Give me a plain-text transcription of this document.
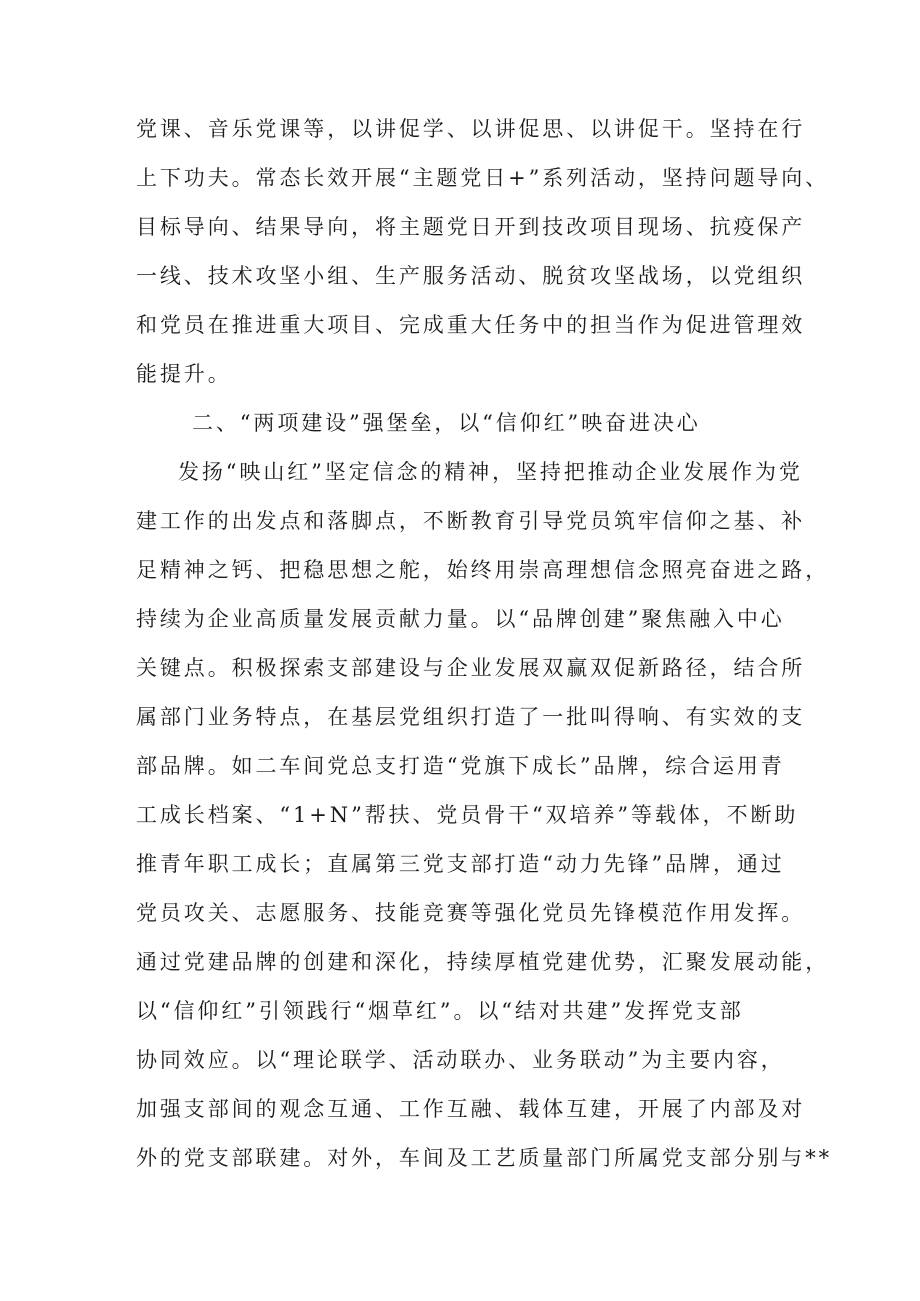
党课、音乐党课等，以讲促学、以讲促思、以讲促干。坚持在行
上下功夫。常态长效开展“主题党日+”系列活动，坚持问题导向、
目标导向、结果导向，将主题党日开到技改项目现场、抗疫保产
一线、技术攻坚小组、生产服务活动、脱贫攻坚战场，以党组织
和党员在推进重大项目、完成重大任务中的担当作为促进管理效
能提升。
二、“两项建设”强堡垒，以“信仰红”映奋进决心
发扬“映山红”坚定信念的精神，坚持把推动企业发展作为党
建工作的出发点和落脚点，不断教育引导党员筑牢信仰之基、补
足精神之钙、把稳思想之舵，始终用崇高理想信念照亮奋进之路，
持续为企业高质量发展贡献力量。以“品牌创建”聚焦融入中心
关键点。积极探索支部建设与企业发展双赢双促新路径，结合所
属部门业务特点，在基层党组织打造了一批叫得响、有实效的支
部品牌。如二车间党总支打造“党旗下成长”品牌，综合运用青
工成长档案、“1+N”帮扶、党员骨干“双培养”等载体，不断助
推青年职工成长；直属第三党支部打造“动力先锋”品牌，通过
党员攻关、志愿服务、技能竞赛等强化党员先锋模范作用发挥。
通过党建品牌的创建和深化，持续厚植党建优势，汇聚发展动能，
以“信仰红”引领践行“烟草红”。以“结对共建”发挥党支部
协同效应。以“理论联学、活动联办、业务联动”为主要内容，
加强支部间的观念互通、工作互融、载体互建，开展了内部及对
外的党支部联建。对外，车间及工艺质量部门所属党支部分别与**
